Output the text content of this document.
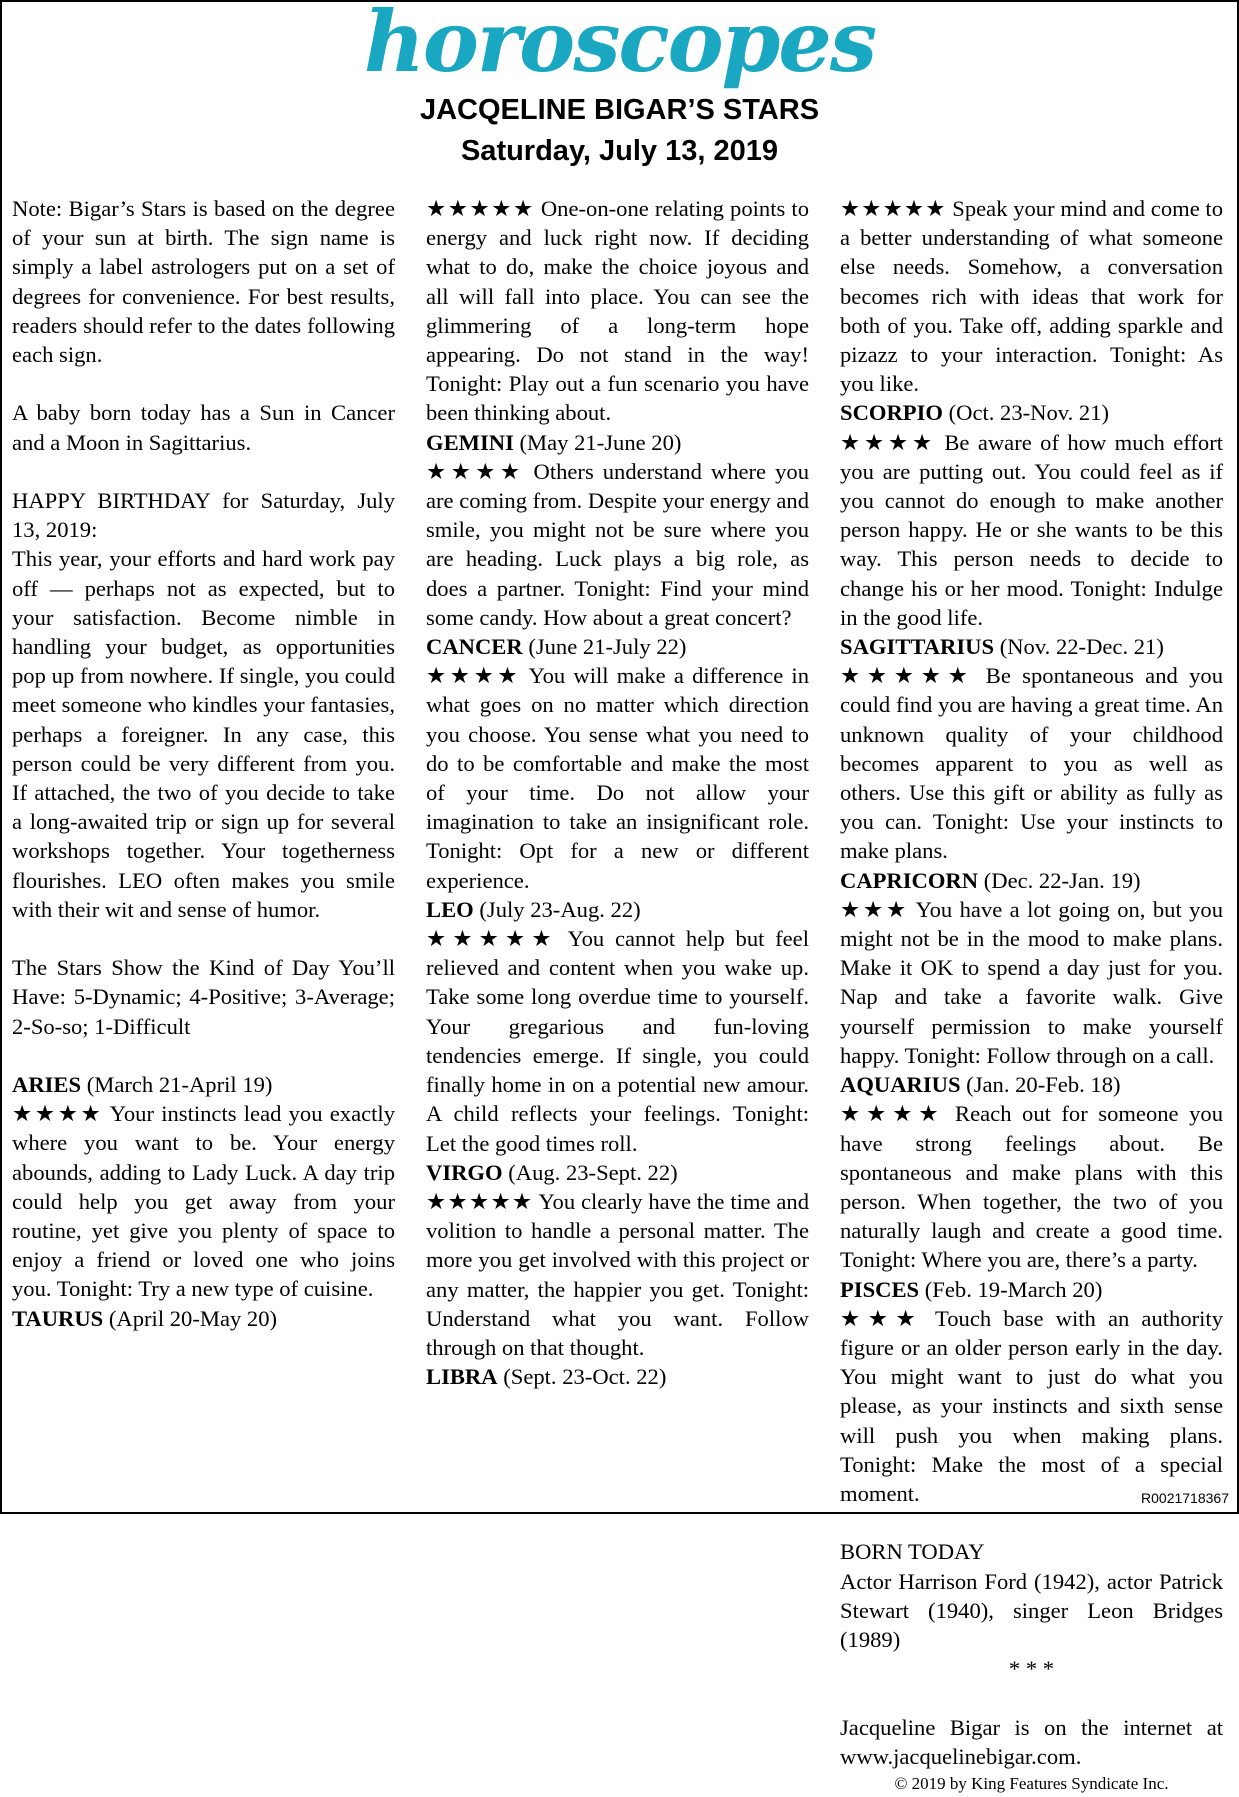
horoscopes
JACQELINE BIGAR’S STARS
Saturday, July 13, 2019

Note: Bigar’s Stars is based on the degree of your sun at birth. The sign name is simply a label astrologers put on a set of degrees for convenience. For best results, readers should refer to the dates following each sign.

A baby born today has a Sun in Cancer and a Moon in Sagittarius.

HAPPY BIRTHDAY for Saturday, July 13, 2019:

This year, your efforts and hard work pay off — perhaps not as expected, but to your satisfaction. Become nimble in handling your budget, as opportunities pop up from nowhere. If single, you could meet someone who kindles your fantasies, perhaps a foreigner. In any case, this person could be very different from you. If attached, the two of you decide to take a long-awaited trip or sign up for several workshops together. Your togetherness flourishes. LEO often makes you smile with their wit and sense of humor.

The Stars Show the Kind of Day You’ll Have: 5-Dynamic; 4-Positive; 3-Average; 2-So-so; 1-Difficult

ARIES (March 21-April 19)

★★★★ Your instincts lead you exactly where you want to be. Your energy abounds, adding to Lady Luck. A day trip could help you get away from your routine, yet give you plenty of space to enjoy a friend or loved one who joins you. Tonight: Try a new type of cuisine.

TAURUS (April 20-May 20)

★★★★★ One-on-one relating points to energy and luck right now. If deciding what to do, make the choice joyous and all will fall into place. You can see the glimmering of a long-term hope appearing. Do not stand in the way! Tonight: Play out a fun scenario you have been thinking about.

GEMINI (May 21-June 20)

★★★★ Others understand where you are coming from. Despite your energy and smile, you might not be sure where you are heading. Luck plays a big role, as does a partner. Tonight: Find your mind some candy. How about a great concert?

CANCER (June 21-July 22)

★★★★ You will make a difference in what goes on no matter which direction you choose. You sense what you need to do to be comfortable and make the most of your time. Do not allow your imagination to take an insignificant role. Tonight: Opt for a new or different experience.

LEO (July 23-Aug. 22)

★★★★★ You cannot help but feel relieved and content when you wake up. Take some long overdue time to yourself. Your gregarious and fun-loving tendencies emerge. If single, you could finally home in on a potential new amour. A child reflects your feelings. Tonight: Let the good times roll.

VIRGO (Aug. 23-Sept. 22)

★★★★★ You clearly have the time and volition to handle a personal matter. The more you get involved with this project or any matter, the happier you get. Tonight: Understand what you want. Follow through on that thought.

LIBRA (Sept. 23-Oct. 22)

★★★★★ Speak your mind and come to a better understanding of what someone else needs. Somehow, a conversation becomes rich with ideas that work for both of you. Take off, adding sparkle and pizazz to your interaction. Tonight: As you like.

SCORPIO (Oct. 23-Nov. 21)

★★★★ Be aware of how much effort you are putting out. You could feel as if you cannot do enough to make another person happy. He or she wants to be this way. This person needs to decide to change his or her mood. Tonight: Indulge in the good life.

SAGITTARIUS (Nov. 22-Dec. 21)

★★★★★ Be spontaneous and you could find you are having a great time. An unknown quality of your childhood becomes apparent to you as well as others. Use this gift or ability as fully as you can. Tonight: Use your instincts to make plans.

CAPRICORN (Dec. 22-Jan. 19)

★★★ You have a lot going on, but you might not be in the mood to make plans. Make it OK to spend a day just for you. Nap and take a favorite walk. Give yourself permission to make yourself happy. Tonight: Follow through on a call.

AQUARIUS (Jan. 20-Feb. 18)

★★★★ Reach out for someone you have strong feelings about. Be spontaneous and make plans with this person. When together, the two of you naturally laugh and create a good time. Tonight: Where you are, there’s a party.

PISCES (Feb. 19-March 20)

★★★ Touch base with an authority figure or an older person early in the day. You might want to just do what you please, as your instincts and sixth sense will push you when making plans. Tonight: Make the most of a special moment.

BORN TODAY

Actor Harrison Ford (1942), actor Patrick Stewart (1940), singer Leon Bridges (1989)

* * *

Jacqueline Bigar is on the internet at www.jacquelinebigar.com.

© 2019 by King Features Syndicate Inc.

R0021718367
